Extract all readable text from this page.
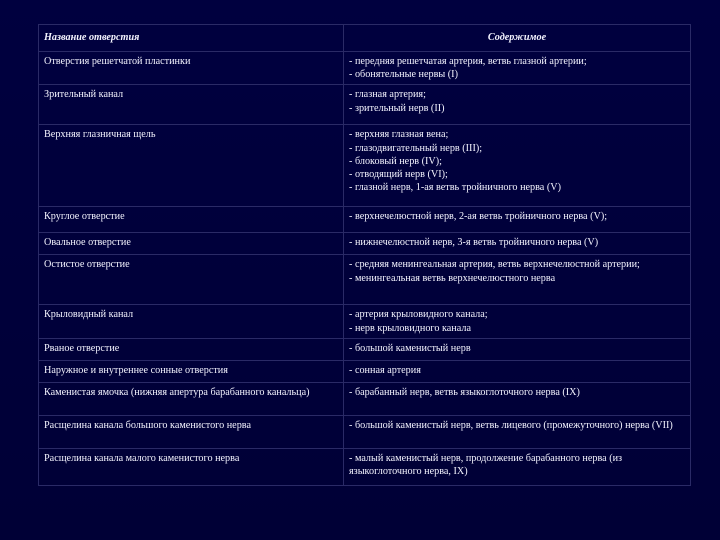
Название отверстия	Содержимое

Отверстия решетчатой пластинки	- передняя решетчатая артерия, ветвь глазной артерии;
- обонятельные нервы (I)

Зрительный канал	- глазная артерия;
- зрительный нерв (II)

Верхняя глазничная щель	- верхняя глазная вена;
- глазодвигательный нерв (III);
- блоковый нерв (IV);
- отводящий нерв (VI);
- глазной нерв, 1-ая ветвь тройничного нерва (V)

Круглое отверстие	- верхнечелюстной нерв, 2-ая ветвь тройничного нерва (V);

Овальное отверстие	- нижнечелюстной нерв, 3-я ветвь тройничного нерва (V)

Остистое отверстие	- средняя менингеальная артерия, ветвь верхнечелюстной артерии;
- менингеальная ветвь верхнечелюстного нерва

Крыловидный канал	- артерия крыловидного канала;
- нерв крыловидного канала

Рваное отверстие	- большой каменистый нерв

Наружное и внутреннее сонные отверстия	- сонная артерия

Каменистая ямочка (нижняя апертура барабанного канальца)	- барабанный нерв, ветвь языкоглоточного нерва (IX)

Расщелина канала большого каменистого нерва	- большой каменистый нерв, ветвь лицевого (промежуточного) нерва (VII)

Расщелина канала малого каменистого нерва	- малый каменистый нерв, продолжение барабанного нерва (из языкоглоточного нерва, IX)
